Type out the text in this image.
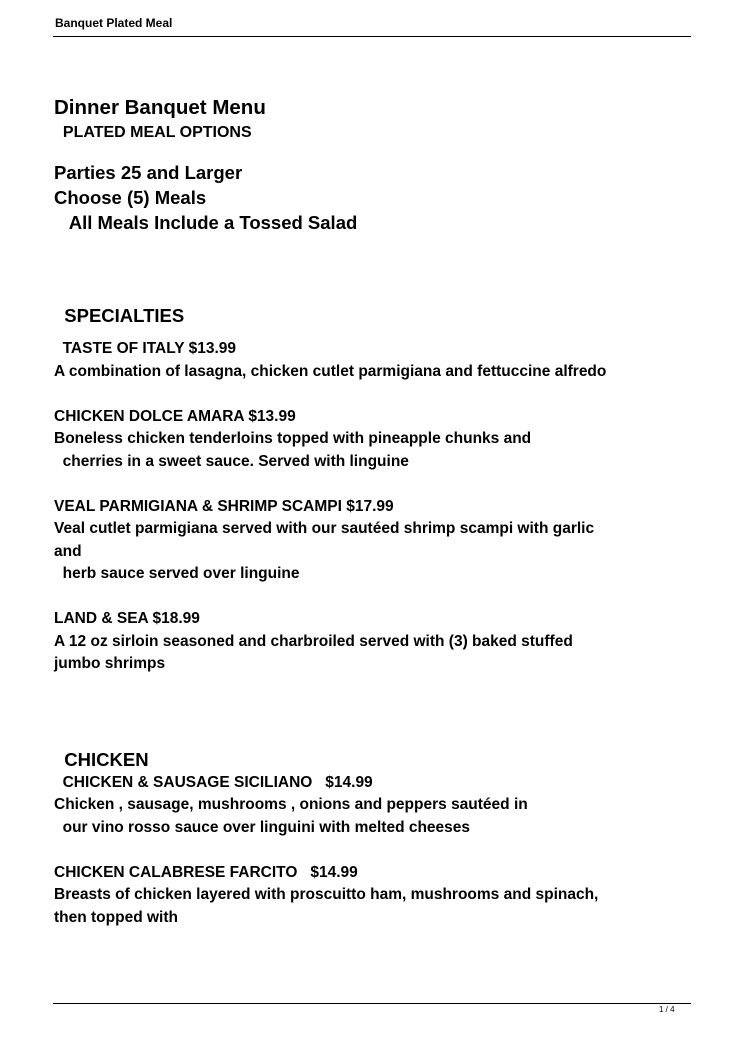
Banquet Plated Meal

Dinner Banquet Menu

PLATED MEAL OPTIONS

Parties 25 and Larger

Choose (5) Meals

All Meals Include a Tossed Salad

SPECIALTIES

TASTE OF ITALY $13.99

A combination of lasagna, chicken cutlet parmigiana and fettuccine alfredo

CHICKEN DOLCE AMARA $13.99

Boneless chicken tenderloins topped with pineapple chunks and

cherries in a sweet sauce. Served with linguine

VEAL PARMIGIANA & SHRIMP SCAMPI $17.99

Veal cutlet parmigiana served with our sautéed shrimp scampi with garlic

and

herb sauce served over linguine

LAND & SEA $18.99

A 12 oz sirloin seasoned and charbroiled served with (3) baked stuffed

jumbo shrimps

CHICKEN

CHICKEN & SAUSAGE SICILIANO   $14.99

Chicken , sausage, mushrooms , onions and peppers sautéed in

our vino rosso sauce over linguini with melted cheeses

CHICKEN CALABRESE FARCITO   $14.99

Breasts of chicken layered with proscuitto ham, mushrooms and spinach,

then topped with

1 / 4
